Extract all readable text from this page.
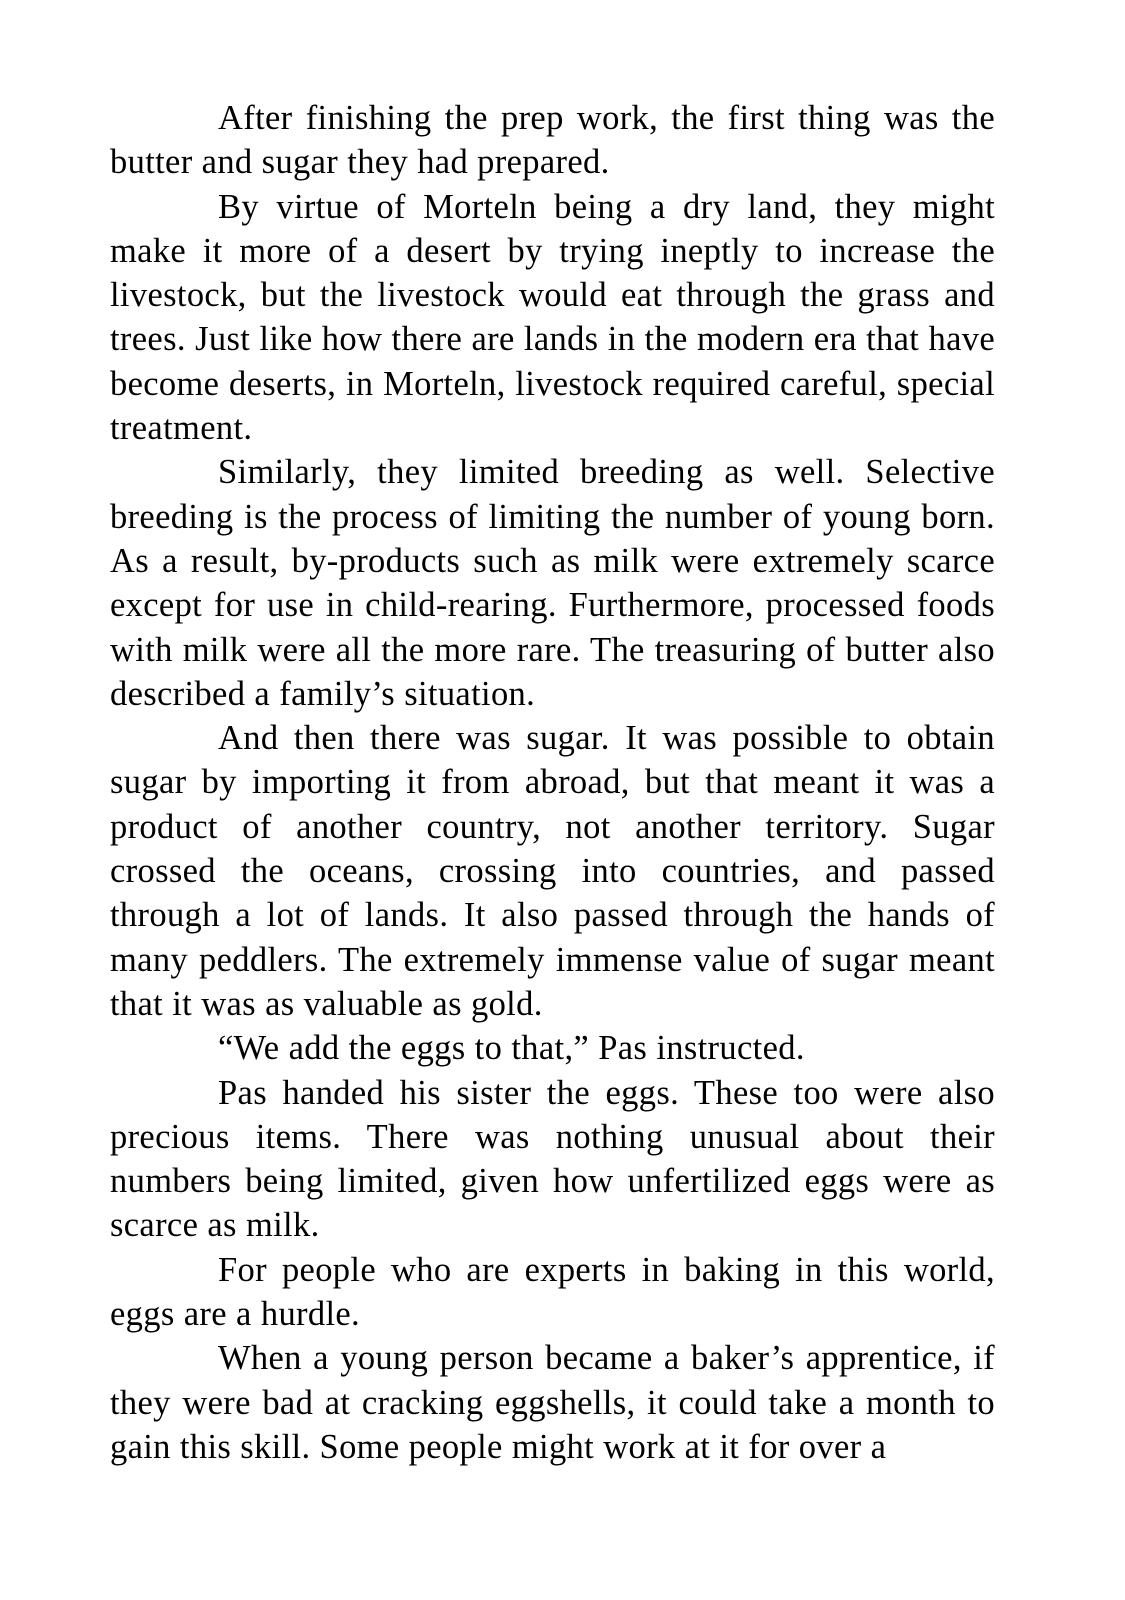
After finishing the prep work, the first thing was the butter and sugar they had prepared.

By virtue of Morteln being a dry land, they might make it more of a desert by trying ineptly to increase the livestock, but the livestock would eat through the grass and trees. Just like how there are lands in the modern era that have become deserts, in Morteln, livestock required careful, special treatment.

Similarly, they limited breeding as well. Selective breeding is the process of limiting the number of young born. As a result, by-products such as milk were extremely scarce except for use in child-rearing. Furthermore, processed foods with milk were all the more rare. The treasuring of butter also described a family’s situation.

And then there was sugar. It was possible to obtain sugar by importing it from abroad, but that meant it was a product of another country, not another territory. Sugar crossed the oceans, crossing into countries, and passed through a lot of lands. It also passed through the hands of many peddlers. The extremely immense value of sugar meant that it was as valuable as gold.

“We add the eggs to that,” Pas instructed.

Pas handed his sister the eggs. These too were also precious items. There was nothing unusual about their numbers being limited, given how unfertilized eggs were as scarce as milk.

For people who are experts in baking in this world, eggs are a hurdle.

When a young person became a baker’s apprentice, if they were bad at cracking eggshells, it could take a month to gain this skill. Some people might work at it for over a
